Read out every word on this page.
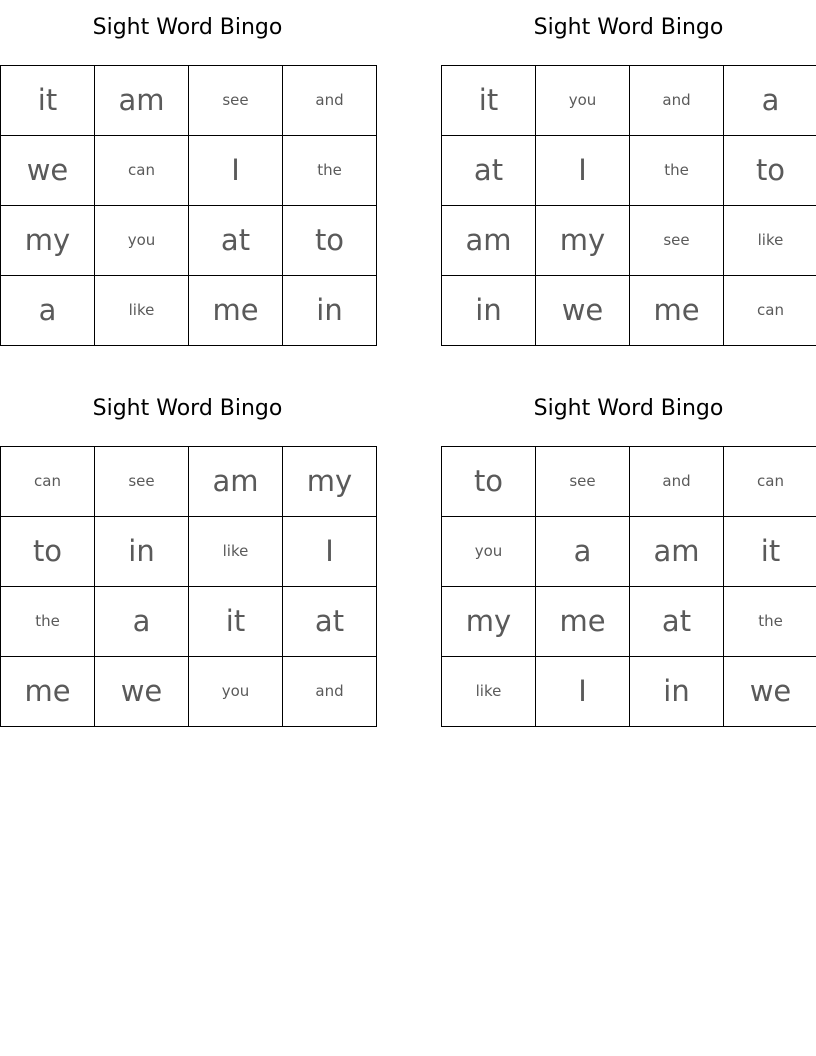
Sight Word Bingo
it	am	see	and
we	can	I	the
my	you	at	to
a	like	me	in
Sight Word Bingo
it	you	and	a
at	I	the	to
am	my	see	like
in	we	me	can
Sight Word Bingo
can	see	am	my
to	in	like	I
the	a	it	at
me	we	you	and
Sight Word Bingo
to	see	and	can
you	a	am	it
my	me	at	the
like	I	in	we
